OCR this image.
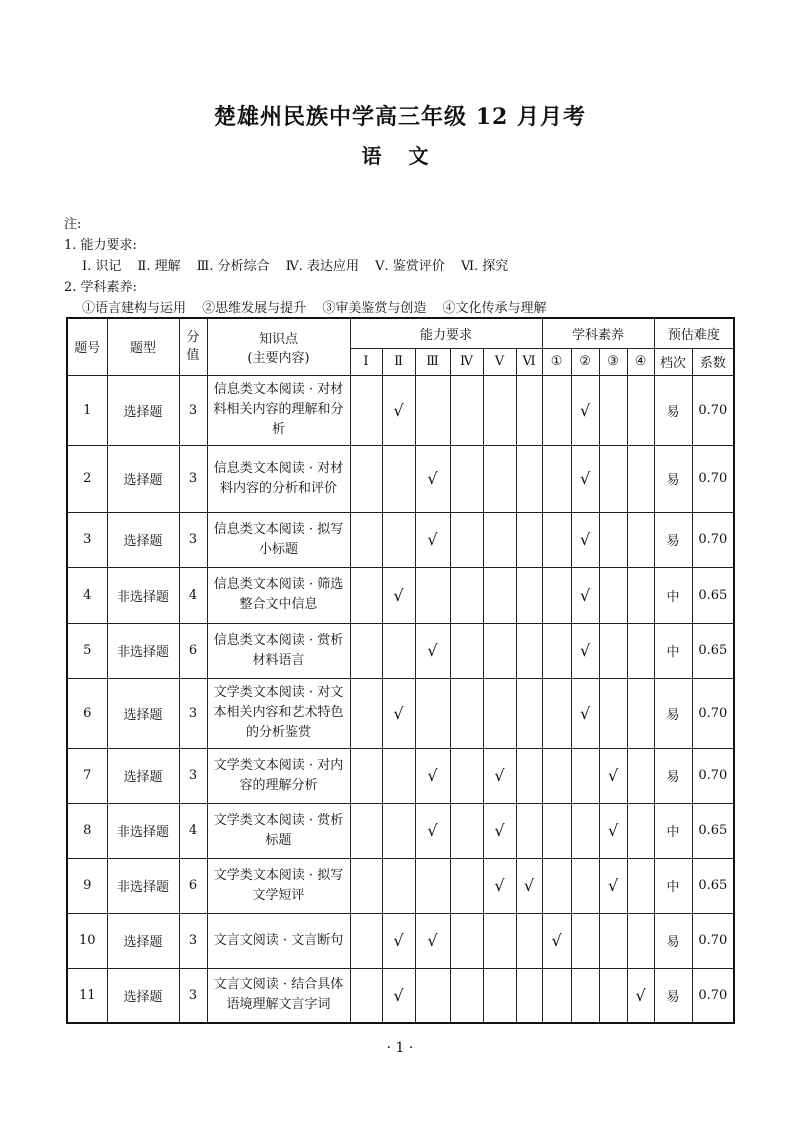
楚雄州民族中学高三年级 12 月月考
语 文
注:
1. 能力要求:
Ⅰ. 识记 Ⅱ. 理解 Ⅲ. 分析综合 Ⅳ. 表达应用 Ⅴ. 鉴赏评价 Ⅵ. 探究
2. 学科素养:
①语言建构与运用 ②思维发展与提升 ③审美鉴赏与创造 ④文化传承与理解
题号	题型	分值	知识点
(主要内容)	能力要求						学科素养				预估难度	
				Ⅰ	Ⅱ	Ⅲ	Ⅳ	Ⅴ	Ⅵ	①	②	③	④	档次	系数
1	选择题	3	信息类文本阅读 · 对材料相关内容的理解和分析		√						√			易	0.70
2	选择题	3	信息类文本阅读 · 对材料内容的分析和评价			√					√			易	0.70
3	选择题	3	信息类文本阅读 · 拟写小标题			√					√			易	0.70
4	非选择题	4	信息类文本阅读 · 筛选整合文中信息		√						√			中	0.65
5	非选择题	6	信息类文本阅读 · 赏析材料语言			√					√			中	0.65
6	选择题	3	文学类文本阅读 · 对文本相关内容和艺术特色的分析鉴赏		√						√			易	0.70
7	选择题	3	文学类文本阅读 · 对内容的理解分析			√		√				√		易	0.70
8	非选择题	4	文学类文本阅读 · 赏析标题			√		√				√		中	0.65
9	非选择题	6	文学类文本阅读 · 拟写文学短评					√	√			√		中	0.65
10	选择题	3	文言文阅读 · 文言断句		√	√				√				易	0.70
11	选择题	3	文言文阅读 · 结合具体语境理解文言字词		√								√	易	0.70
· 1 ·
